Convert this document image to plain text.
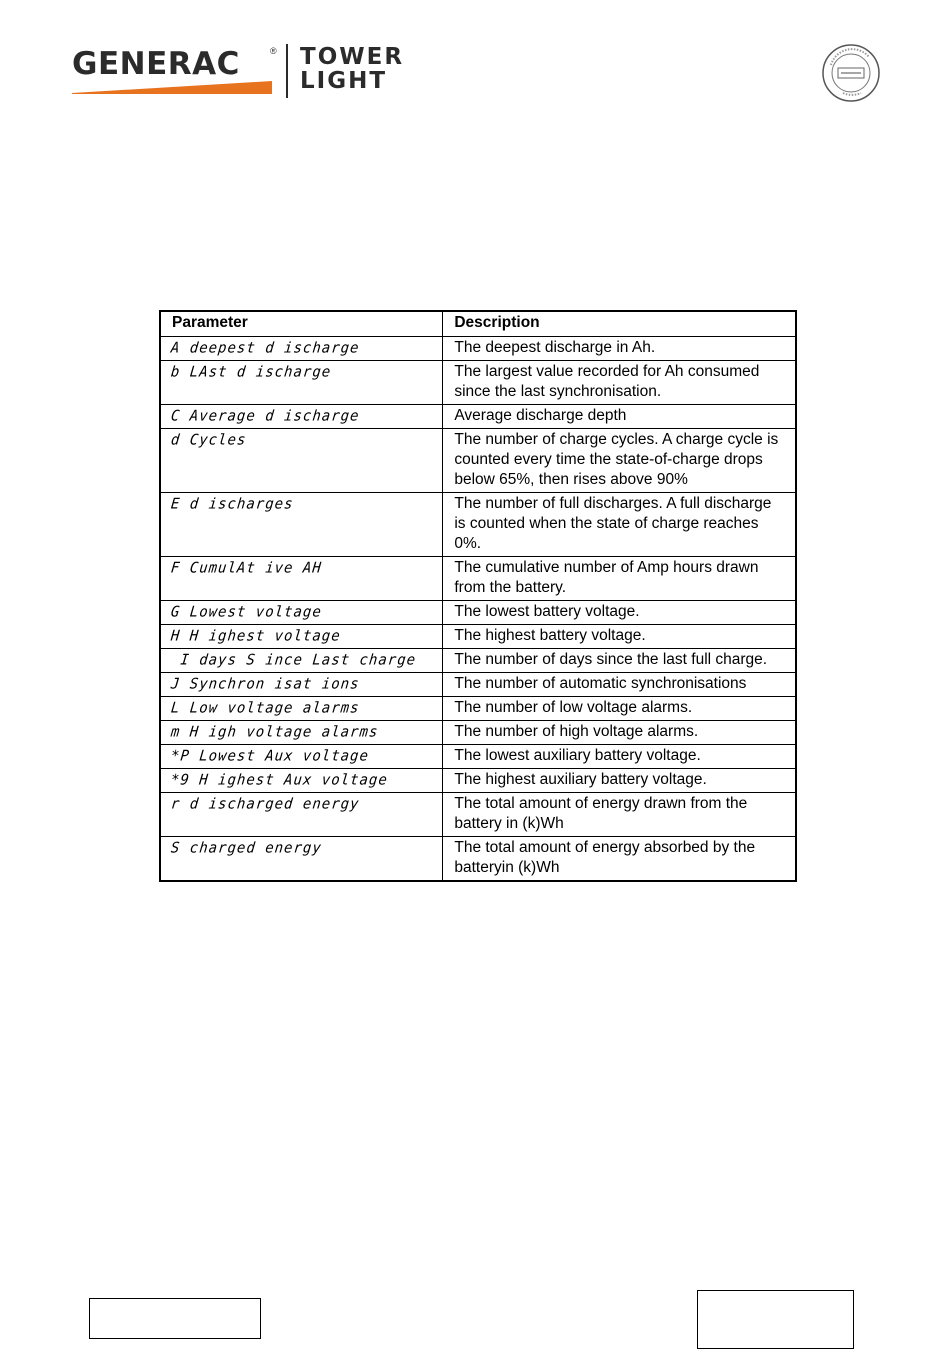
GENERAC	® TOWER
LIGHT
Parameter	Description
A deepest d ischarge	The deepest discharge in Ah.
b LAst d ischarge	The largest value recorded for Ah consumed since the last synchronisation.
C Average d ischarge	Average discharge depth
d Cycles	The number of charge cycles. A charge cycle is counted every time the state-of-charge drops below 65%, then rises above 90%
E d ischarges	The number of full discharges. A full discharge is counted when the state of charge reaches 0%.
F CumulAt ive AH	The cumulative number of Amp hours drawn from the battery.
G Lowest voltage	The lowest battery voltage.
H H ighest voltage	The highest battery voltage.
I days S ince Last charge	The number of days since the last full charge.
J Synchron isat ions	The number of automatic synchronisations
L Low voltage alarms	The number of low voltage alarms.
m H igh voltage alarms	The number of high voltage alarms.
*P Lowest Aux voltage	The lowest auxiliary battery voltage.
*9 H ighest Aux voltage	The highest auxiliary battery voltage.
r d ischarged energy	The total amount of energy drawn from the battery in (k)Wh
S charged energy	The total amount of energy absorbed by the batteryin (k)Wh
